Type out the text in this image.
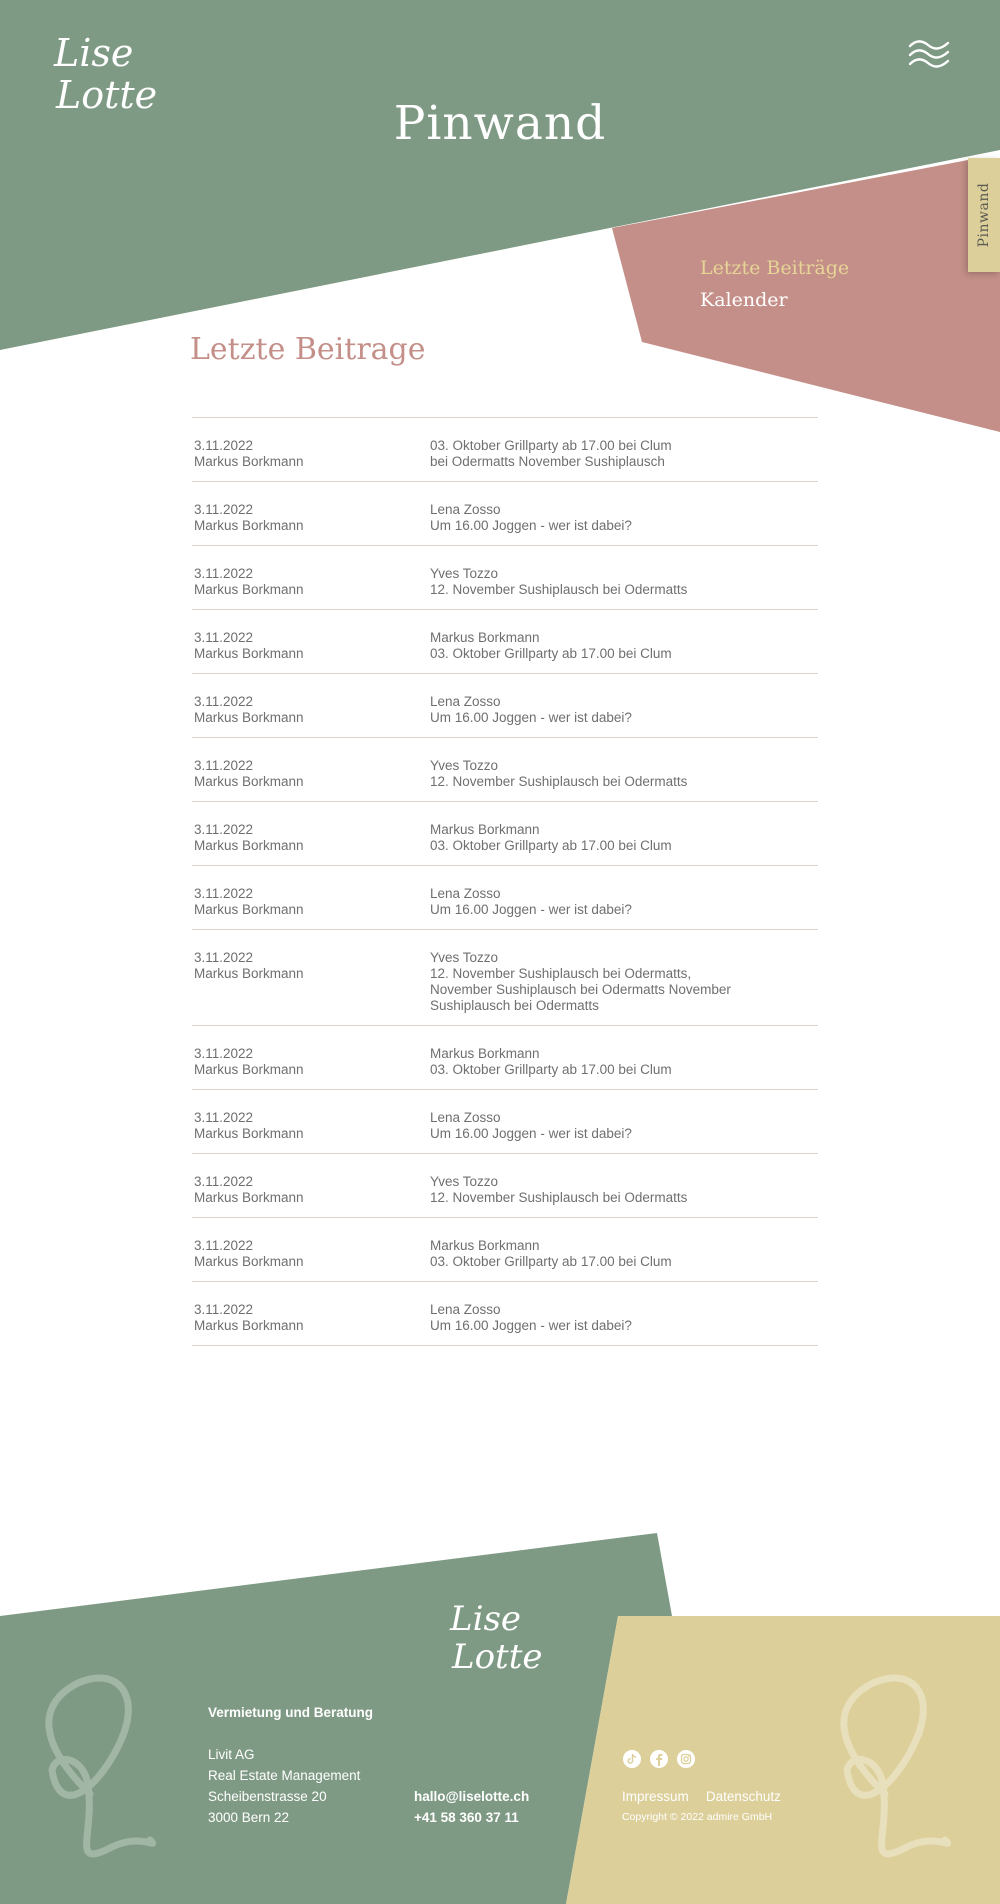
Lise
Lotte
Pinwand
Pinwand
Letzte Beiträge
Kalender
Letzte Beitrage
3.11.2022
Markus Borkmann
03. Oktober Grillparty ab 17.00 bei Clum
bei Odermatts November Sushiplausch
3.11.2022
Markus Borkmann
Lena Zosso
Um 16.00 Joggen - wer ist dabei?
3.11.2022
Markus Borkmann
Yves Tozzo
12. November Sushiplausch bei Odermatts
3.11.2022
Markus Borkmann
Markus Borkmann
03. Oktober Grillparty ab 17.00 bei Clum
3.11.2022
Markus Borkmann
Lena Zosso
Um 16.00 Joggen - wer ist dabei?
3.11.2022
Markus Borkmann
Yves Tozzo
12. November Sushiplausch bei Odermatts
3.11.2022
Markus Borkmann
Markus Borkmann
03. Oktober Grillparty ab 17.00 bei Clum
3.11.2022
Markus Borkmann
Lena Zosso
Um 16.00 Joggen - wer ist dabei?
3.11.2022
Markus Borkmann
Yves Tozzo
12. November Sushiplausch bei Odermatts,
November Sushiplausch bei Odermatts November
Sushiplausch bei Odermatts
3.11.2022
Markus Borkmann
Markus Borkmann
03. Oktober Grillparty ab 17.00 bei Clum
3.11.2022
Markus Borkmann
Lena Zosso
Um 16.00 Joggen - wer ist dabei?
3.11.2022
Markus Borkmann
Yves Tozzo
12. November Sushiplausch bei Odermatts
3.11.2022
Markus Borkmann
Markus Borkmann
03. Oktober Grillparty ab 17.00 bei Clum
3.11.2022
Markus Borkmann
Lena Zosso
Um 16.00 Joggen - wer ist dabei?
Lise
Lotte
Vermietung und Beratung
Livit AG
Real Estate Management
Scheibenstrasse 20
3000 Bern 22
hallo@liselotte.ch
+41 58 360 37 11
Impressum Datenschutz
Copyright © 2022 admire GmbH
